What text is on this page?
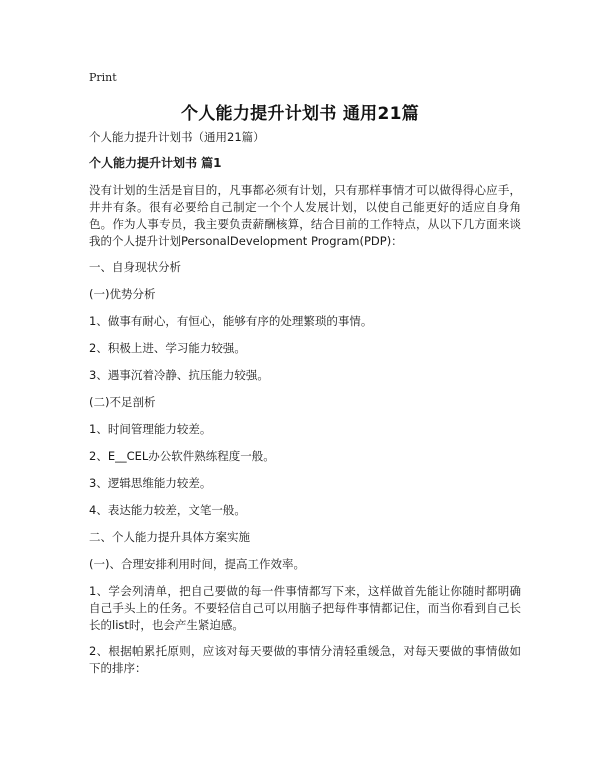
Print
个人能力提升计划书 通用21篇

个人能力提升计划书（通用21篇）

个人能力提升计划书 篇1

没有计划的生活是盲目的，凡事都必须有计划，只有那样事情才可以做得得心应手，井井有条。很有必要给自己制定一个个人发展计划，以使自己能更好的适应自身角色。作为人事专员，我主要负责薪酬核算，结合目前的工作特点，从以下几方面来谈我的个人提升计划PersonalDevelopment Program(PDP)：

一、自身现状分析

(一)优势分析

1、做事有耐心，有恒心，能够有序的处理繁琐的事情。

2、积极上进、学习能力较强。

3、遇事沉着冷静、抗压能力较强。

(二)不足剖析

1、时间管理能力较差。

2、E__CEL办公软件熟练程度一般。

3、逻辑思维能力较差。

4、表达能力较差，文笔一般。

二、个人能力提升具体方案实施

(一)、合理安排利用时间，提高工作效率。

1、学会列清单，把自己要做的每一件事情都写下来，这样做首先能让你随时都明确自己手头上的任务。不要轻信自己可以用脑子把每件事情都记住，而当你看到自己长长的list时，也会产生紧迫感。

2、根据帕累托原则，应该对每天要做的事情分清轻重缓急，对每天要做的事情做如下的排序：
